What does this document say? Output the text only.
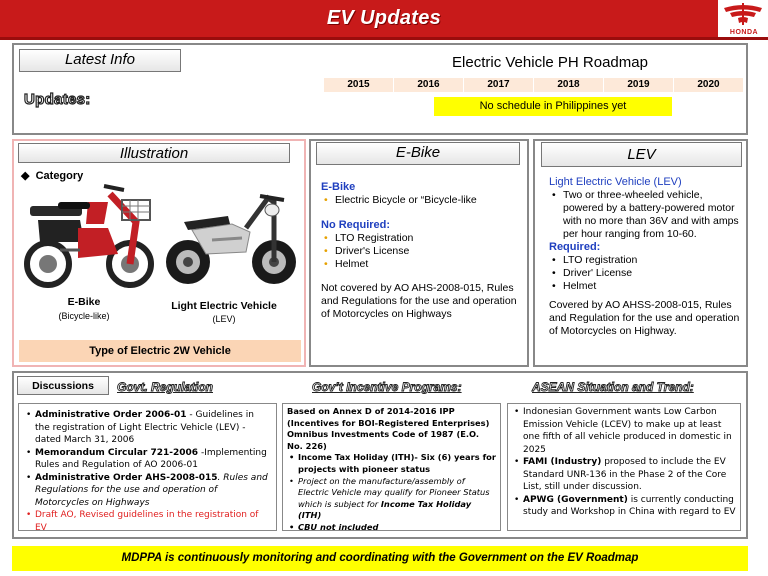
EV Updates
HONDA
Latest Info
Updates:
Electric Vehicle PH Roadmap
2015	2016	2017	2018	2019	2020
No schedule in Philippines yet
Illustration
◆ Category
E-Bike
(Bicycle-like)
Light Electric Vehicle
(LEV)
Type of Electric 2W Vehicle
E-Bike
E-Bike
• Electric Bicycle or “Bicycle-like
No Required:
• LTO Registration
• Driver's License
• Helmet
Not covered by AO AHS-2008-015, Rules and Regulations for the use and operation of Motorcycles on Highways
LEV
Light Electric Vehicle (LEV)
• Two or three-wheeled vehicle, powered by a battery-powered motor with no more than 36V and with amps per hour ranging from 10-60.
Required:
• LTO registration
• Driver' License
• Helmet
Covered by AO AHSS-2008-015, Rules and Regulation for the use and operation of Motorcycles on Highway.
Discussions	Govt. Regulation	Gov’t Incentive Programs:	ASEAN Situation and Trend:
• Administrative Order 2006-01 - Guidelines in the registration of Light Electric Vehicle (LEV) - dated March 31, 2006
• Memorandum Circular 721-2006 -Implementing Rules and Regulation of AO 2006-01
• Administrative Order AHS-2008-015. Rules and Regulations for the use and operation of Motorcycles on Highways
• Draft AO, Revised guidelines in the registration of EV
Based on Annex D of 2014-2016 IPP (Incentives for BOI-Registered Enterprises) Omnibus Investments Code of 1987 (E.O. No. 226)
• Income Tax Holiday (ITH)- Six (6) years for projects with pioneer status
• Project on the manufacture/assembly of Electric Vehicle may qualify for Pioneer Status which is subject for Income Tax Holiday (ITH)
• CBU not included
• Indonesian Government wants Low Carbon Emission Vehicle (LCEV) to make up at least one fifth of all vehicle produced in domestic in 2025
• FAMI (Industry) proposed to include the EV Standard UNR-136 in the Phase 2 of the Core List, still under discussion.
• APWG (Government) is currently conducting study and Workshop in China with regard to EV
MDPPA is continuously monitoring and coordinating with the Government on the EV Roadmap
